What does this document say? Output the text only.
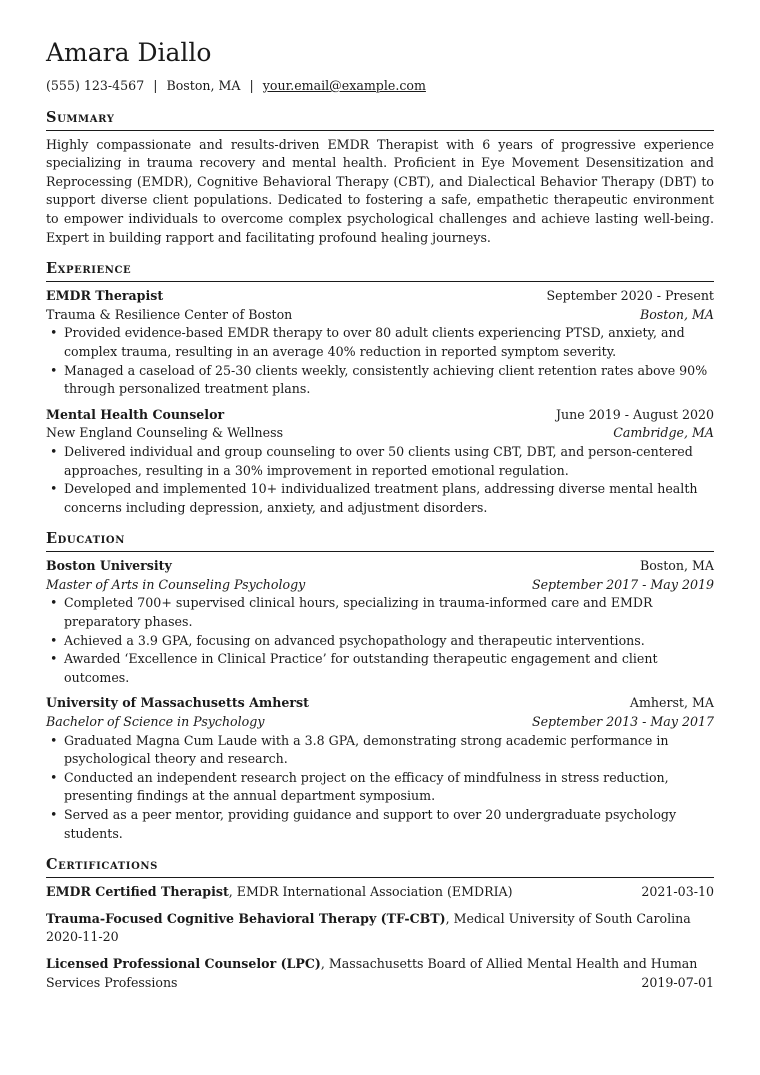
Amara Diallo
(555) 123-4567 | Boston, MA | your.email@example.com
Summary
Highly compassionate and results-driven EMDR Therapist with 6 years of progressive experience specializing in trauma recovery and mental health. Proficient in Eye Movement Desensitization and Reprocessing (EMDR), Cognitive Behavioral Therapy (CBT), and Dialectical Behavior Therapy (DBT) to support diverse client populations. Dedicated to fostering a safe, empathetic therapeutic environment to empower individuals to overcome complex psychological challenges and achieve lasting well-being. Expert in building rapport and facilitating profound healing journeys.
Experience
EMDR Therapist	September 2020 - Present
Trauma & Resilience Center of Boston	Boston, MA
• Provided evidence-based EMDR therapy to over 80 adult clients experiencing PTSD, anxiety, and complex trauma, resulting in an average 40% reduction in reported symptom severity.
• Managed a caseload of 25-30 clients weekly, consistently achieving client retention rates above 90% through personalized treatment plans.
Mental Health Counselor	June 2019 - August 2020
New England Counseling & Wellness	Cambridge, MA
• Delivered individual and group counseling to over 50 clients using CBT, DBT, and person-centered approaches, resulting in a 30% improvement in reported emotional regulation.
• Developed and implemented 10+ individualized treatment plans, addressing diverse mental health concerns including depression, anxiety, and adjustment disorders.
Education
Boston University	Boston, MA
Master of Arts in Counseling Psychology	September 2017 - May 2019
• Completed 700+ supervised clinical hours, specializing in trauma-informed care and EMDR preparatory phases.
• Achieved a 3.9 GPA, focusing on advanced psychopathology and therapeutic interventions.
• Awarded ‘Excellence in Clinical Practice’ for outstanding therapeutic engagement and client outcomes.
University of Massachusetts Amherst	Amherst, MA
Bachelor of Science in Psychology	September 2013 - May 2017
• Graduated Magna Cum Laude with a 3.8 GPA, demonstrating strong academic performance in psychological theory and research.
• Conducted an independent research project on the efficacy of mindfulness in stress reduction, presenting findings at the annual department symposium.
• Served as a peer mentor, providing guidance and support to over 20 undergraduate psychology students.
Certifications
EMDR Certified Therapist, EMDR International Association (EMDRIA)	2021-03-10
Trauma-Focused Cognitive Behavioral Therapy (TF-CBT), Medical University of South Carolina
2020-11-20
Licensed Professional Counselor (LPC), Massachusetts Board of Allied Mental Health and Human
Services Professions	2019-07-01
